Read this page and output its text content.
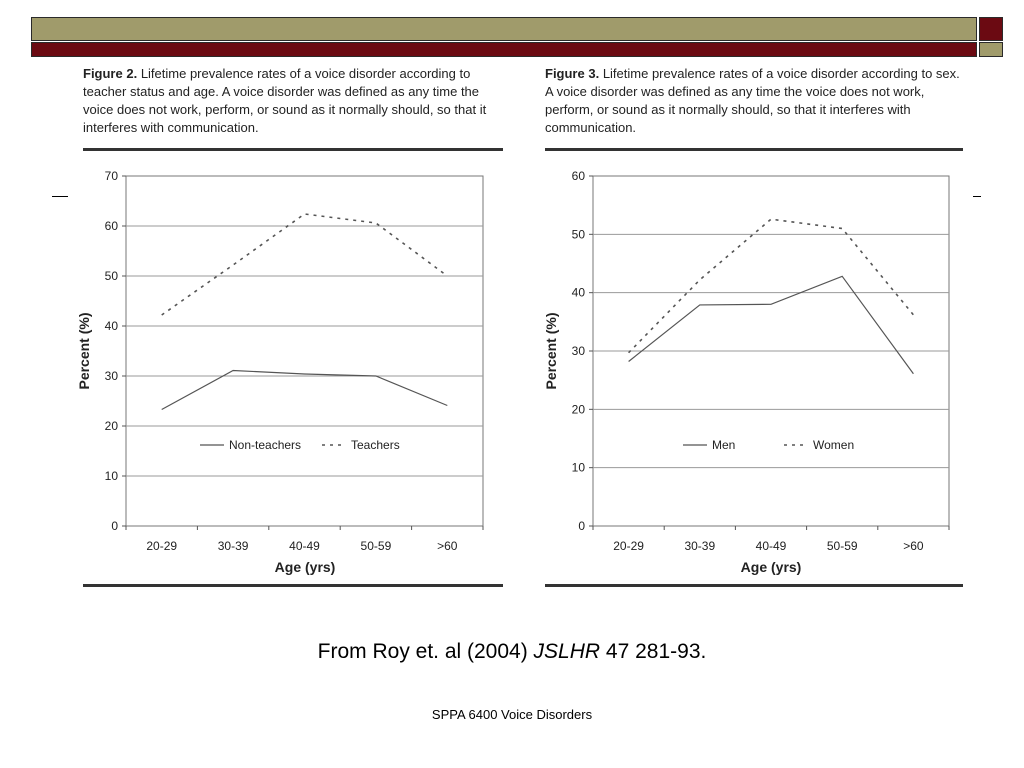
Figure 2. Lifetime prevalence rates of a voice disorder according to teacher status and age. A voice disorder was defined as any time the voice does not work, perform, or sound as it normally should, so that it interferes with communication.
Figure 3. Lifetime prevalence rates of a voice disorder according to sex. A voice disorder was defined as any time the voice does not work, perform, or sound as it normally should, so that it interferes with communication.
0
10
20
30
40
50
60
70
20-29	30-39	40-49	50-59	>60
Age (yrs)
Percent (%)
Non-teachers	Teachers
0
10
20
30
40
50
60
20-29	30-39	40-49	50-59	>60
Age (yrs)
Percent (%)
Men	Women
From Roy et. al (2004) JSLHR 47 281-93.
SPPA 6400 Voice Disorders
